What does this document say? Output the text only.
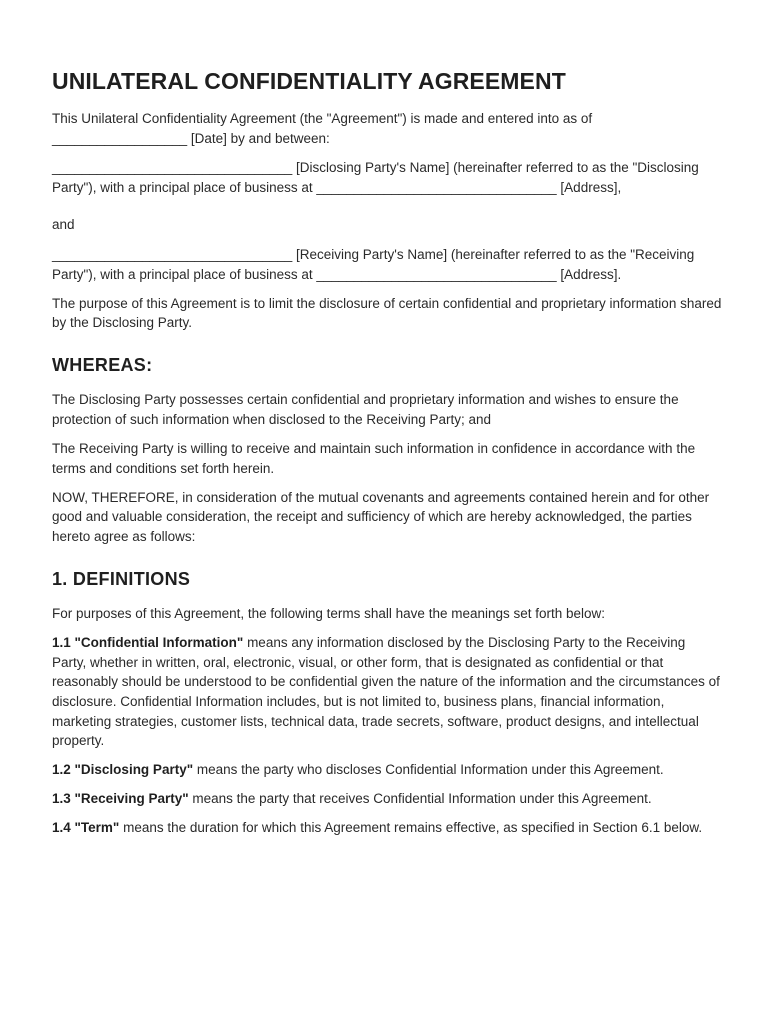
UNILATERAL CONFIDENTIALITY AGREEMENT

This Unilateral Confidentiality Agreement (the "Agreement") is made and entered into as of __________________ [Date] by and between:

________________________________ [Disclosing Party's Name] (hereinafter referred to as the "Disclosing Party"), with a principal place of business at ________________________________ [Address],

and

________________________________ [Receiving Party's Name] (hereinafter referred to as the "Receiving Party"), with a principal place of business at ________________________________ [Address].

The purpose of this Agreement is to limit the disclosure of certain confidential and proprietary information shared by the Disclosing Party.

WHEREAS:

The Disclosing Party possesses certain confidential and proprietary information and wishes to ensure the protection of such information when disclosed to the Receiving Party; and

The Receiving Party is willing to receive and maintain such information in confidence in accordance with the terms and conditions set forth herein.

NOW, THEREFORE, in consideration of the mutual covenants and agreements contained herein and for other good and valuable consideration, the receipt and sufficiency of which are hereby acknowledged, the parties hereto agree as follows:

1. DEFINITIONS

For purposes of this Agreement, the following terms shall have the meanings set forth below:

1.1 "Confidential Information" means any information disclosed by the Disclosing Party to the Receiving Party, whether in written, oral, electronic, visual, or other form, that is designated as confidential or that reasonably should be understood to be confidential given the nature of the information and the circumstances of disclosure. Confidential Information includes, but is not limited to, business plans, financial information, marketing strategies, customer lists, technical data, trade secrets, software, product designs, and intellectual property.

1.2 "Disclosing Party" means the party who discloses Confidential Information under this Agreement.

1.3 "Receiving Party" means the party that receives Confidential Information under this Agreement.

1.4 "Term" means the duration for which this Agreement remains effective, as specified in Section 6.1 below.
